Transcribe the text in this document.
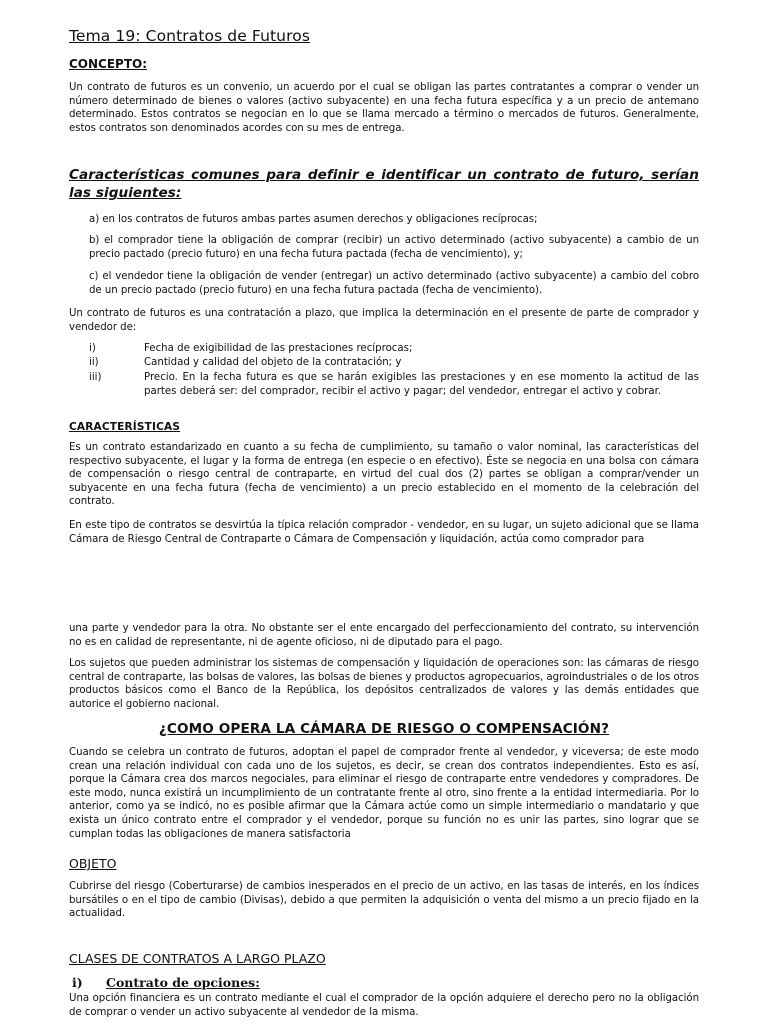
Tema 19: Contratos de Futuros
CONCEPTO:

Un contrato de futuros es un convenio, un acuerdo por el cual se obligan las partes contratantes a comprar o vender un número determinado de bienes o valores (activo subyacente) en una fecha futura específica y a un precio de antemano determinado. Estos contratos se negocian en lo que se llama mercado a término o mercados de futuros. Generalmente, estos contratos son denominados acordes con su mes de entrega.

Características comunes para definir e identificar un contrato de futuro, serían las siguientes:

a) en los contratos de futuros ambas partes asumen derechos y obligaciones recíprocas;

b) el comprador tiene la obligación de comprar (recibir) un activo determinado (activo subyacente) a cambio de un precio pactado (precio futuro) en una fecha futura pactada (fecha de vencimiento), y;

c) el vendedor tiene la obligación de vender (entregar) un activo determinado (activo subyacente) a cambio del cobro de un precio pactado (precio futuro) en una fecha futura pactada (fecha de vencimiento).

Un contrato de futuros es una contratación a plazo, que implica la determinación en el presente de parte de comprador y vendedor de:

i)	Fecha de exigibilidad de las prestaciones recíprocas;
ii)	Cantidad y calidad del objeto de la contratación; y
iii)	Precio. En la fecha futura es que se harán exigibles las prestaciones y en ese momento la actitud de las partes deberá ser: del comprador, recibir el activo y pagar; del vendedor, entregar el activo y cobrar.
CARACTERÍSTICAS

Es un contrato estandarizado en cuanto a su fecha de cumplimiento, su tamaño o valor nominal, las características del respectivo subyacente, el lugar y la forma de entrega (en especie o en efectivo). Éste se negocia en una bolsa con cámara de compensación o riesgo central de contraparte, en virtud del cual dos (2) partes se obligan a comprar/vender un subyacente en una fecha futura (fecha de vencimiento) a un precio establecido en el momento de la celebración del contrato.

En este tipo de contratos se desvirtúa la típica relación comprador - vendedor, en su lugar, un sujeto adicional que se llama Cámara de Riesgo Central de Contraparte o Cámara de Compensación y liquidación, actúa como comprador para

una parte y vendedor para la otra. No obstante ser el ente encargado del perfeccionamiento del contrato, su intervención no es en calidad de representante, ni de agente oficioso, ni de diputado para el pago.

Los sujetos que pueden administrar los sistemas de compensación y liquidación de operaciones son: las cámaras de riesgo central de contraparte, las bolsas de valores, las bolsas de bienes y productos agropecuarios, agroindustriales o de los otros productos básicos como el Banco de la República, los depósitos centralizados de valores y las demás entidades que autorice el gobierno nacional.

¿COMO OPERA LA CÁMARA DE RIESGO O COMPENSACIÓN?

Cuando se celebra un contrato de futuros, adoptan el papel de comprador frente al vendedor, y viceversa; de este modo crean una relación individual con cada uno de los sujetos, es decir, se crean dos contratos independientes. Esto es así, porque la Cámara crea dos marcos negociales, para eliminar el riesgo de contraparte entre vendedores y compradores. De este modo, nunca existirá un incumplimiento de un contratante frente al otro, sino frente a la entidad intermediaria. Por lo anterior, como ya se indicó, no es posible afirmar que la Cámara actúe como un simple intermediario o mandatario y que exista un único contrato entre el comprador y el vendedor, porque su función no es unir las partes, sino lograr que se cumplan todas las obligaciones de manera satisfactoria

OBJETO

Cubrirse del riesgo (Coberturarse) de cambios inesperados en el precio de un activo, en las tasas de interés, en los índices bursátiles o en el tipo de cambio (Divisas), debido a que permiten la adquisición o venta del mismo a un precio fijado en la actualidad.

CLASES DE CONTRATOS A LARGO PLAZO
i) Contrato de opciones:

Una opción financiera es un contrato mediante el cual el comprador de la opción adquiere el derecho pero no la obligación de comprar o vender un activo subyacente al vendedor de la misma.
